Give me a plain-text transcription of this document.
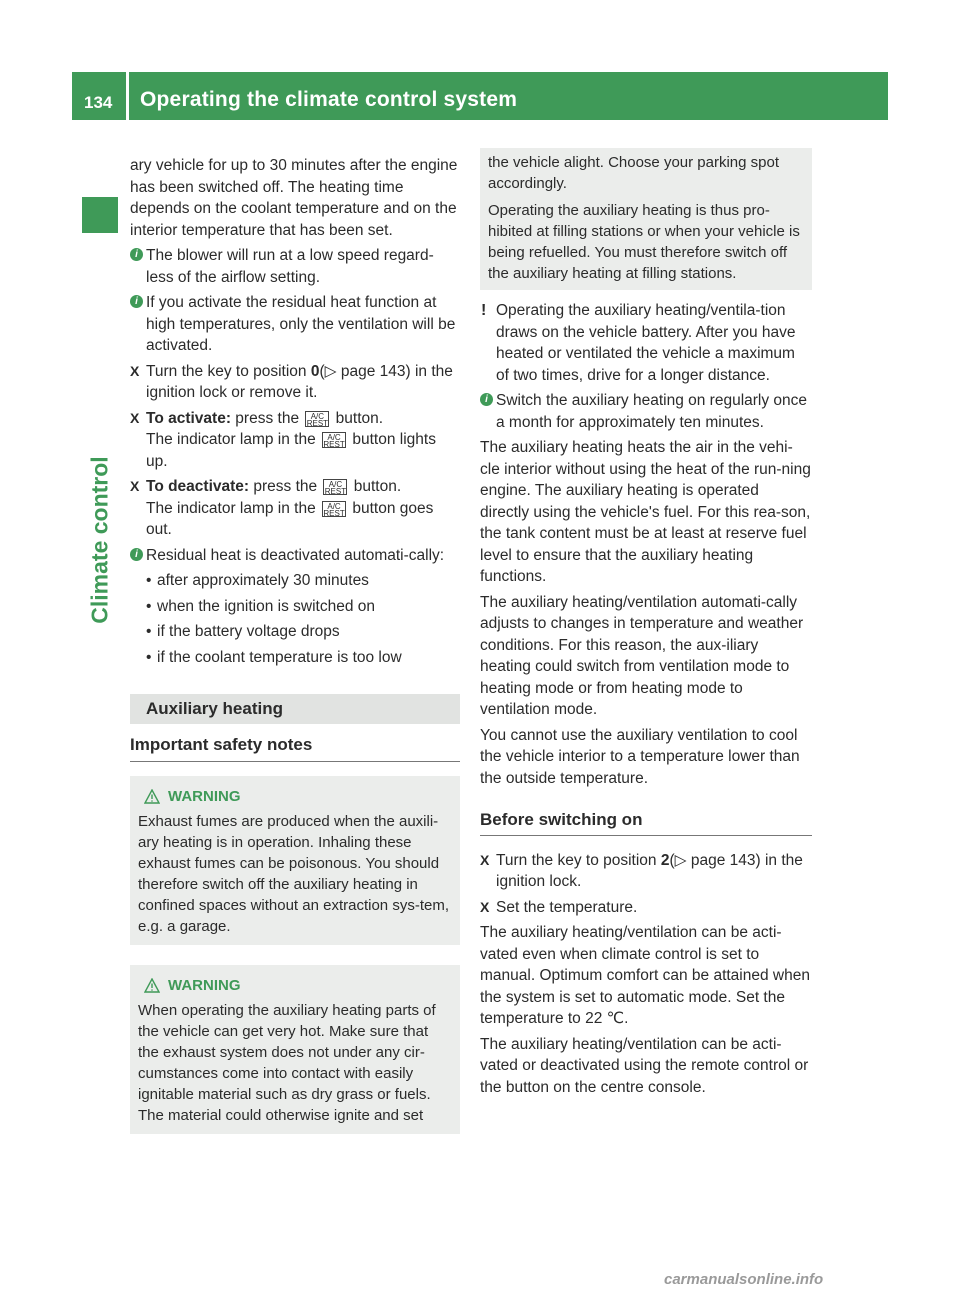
134 Operating the climate control system
Climate control

ary vehicle for up to 30 minutes after the engine has been switched off. The heating time depends on the coolant temperature and on the interior temperature that has been set.

i The blower will run at a low speed regard-less of the airflow setting.
i If you activate the residual heat function at high temperatures, only the ventilation will be activated.
X Turn the key to position 0(▷ page 143) in the ignition lock or remove it.
X To activate: press the A/C
REST button.
The indicator lamp in the A/C
REST button lights up.
X To deactivate: press the A/C
REST button.
The indicator lamp in the A/C
REST button goes out.
i Residual heat is deactivated automati-cally:
• after approximately 30 minutes
• when the ignition is switched on
• if the battery voltage drops
• if the coolant temperature is too low
Auxiliary heating
Important safety notes
WARNING

Exhaust fumes are produced when the auxili-ary heating is in operation. Inhaling these exhaust fumes can be poisonous. You should therefore switch off the auxiliary heating in confined spaces without an extraction sys-tem, e.g. a garage.

WARNING

When operating the auxiliary heating parts of the vehicle can get very hot. Make sure that the exhaust system does not under any cir-cumstances come into contact with easily ignitable material such as dry grass or fuels. The material could otherwise ignite and set

the vehicle alight. Choose your parking spot accordingly.

Operating the auxiliary heating is thus pro-hibited at filling stations or when your vehicle is being refuelled. You must therefore switch off the auxiliary heating at filling stations.

! Operating the auxiliary heating/ventila-tion draws on the vehicle battery. After you have heated or ventilated the vehicle a maximum of two times, drive for a longer distance.
i Switch the auxiliary heating on regularly once a month for approximately ten minutes.

The auxiliary heating heats the air in the vehi-cle interior without using the heat of the run-ning engine. The auxiliary heating is operated directly using the vehicle's fuel. For this rea-son, the tank content must be at least at reserve fuel level to ensure that the auxiliary heating functions.

The auxiliary heating/ventilation automati-cally adjusts to changes in temperature and weather conditions. For this reason, the aux-iliary heating could switch from ventilation mode to heating mode or from heating mode to ventilation mode.

You cannot use the auxiliary ventilation to cool the vehicle interior to a temperature lower than the outside temperature.

Before switching on
X Turn the key to position 2(▷ page 143) in the ignition lock.
X Set the temperature.

The auxiliary heating/ventilation can be acti-vated even when climate control is set to manual. Optimum comfort can be attained when the system is set to automatic mode. Set the temperature to 22 ℃.

The auxiliary heating/ventilation can be acti-vated or deactivated using the remote control or the button on the centre console.

carmanualsonline.info
